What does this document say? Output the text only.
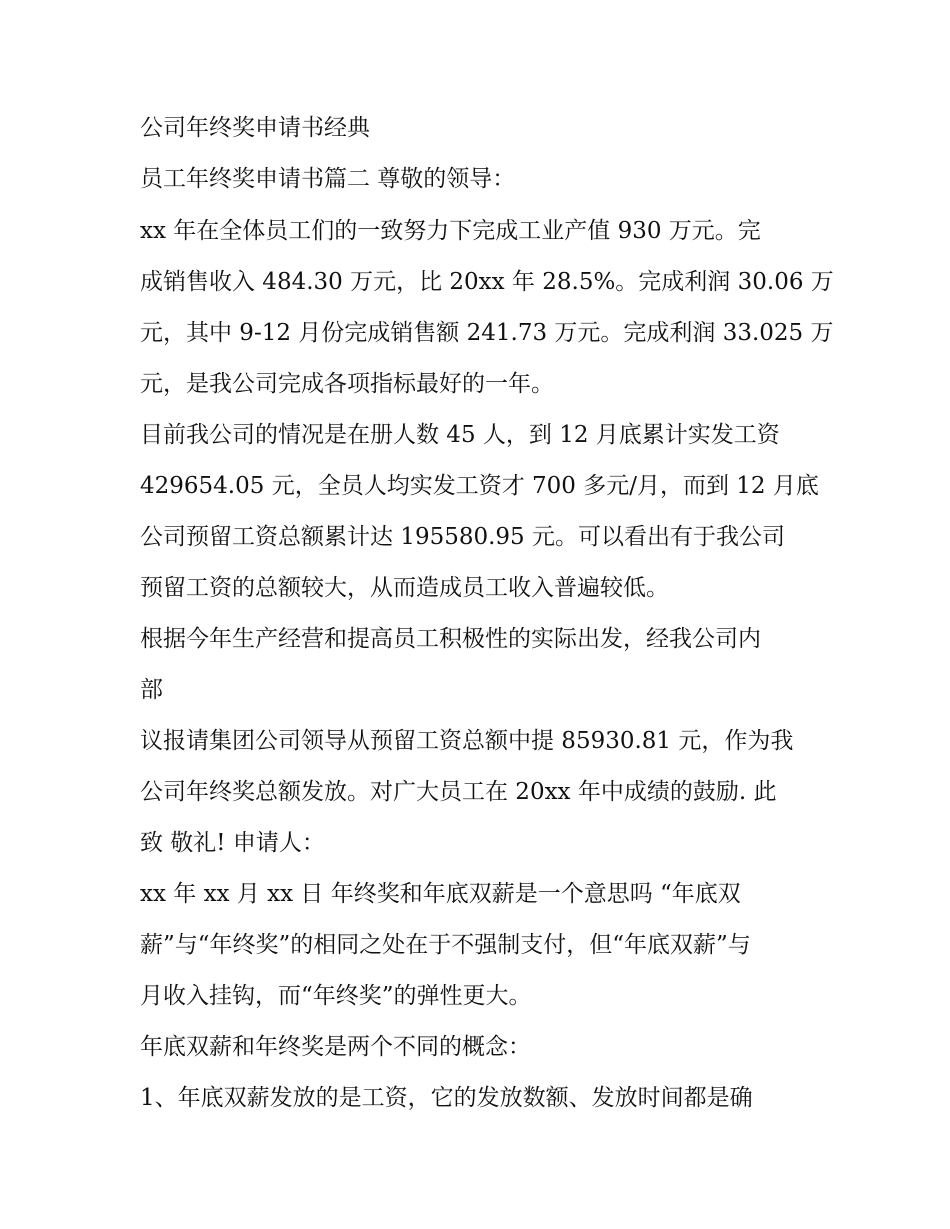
公司年终奖申请书经典
员工年终奖申请书篇二 尊敬的领导：
xx 年在全体员工们的一致努力下完成工业产值 930 万元。完
成销售收入 484.30 万元，比 20xx 年 28.5%。完成利润 30.06 万
元，其中 9-12 月份完成销售额 241.73 万元。完成利润 33.025 万
元，是我公司完成各项指标最好的一年。
目前我公司的情况是在册人数 45 人，到 12 月底累计实发工资
429654.05 元，全员人均实发工资才 700 多元/月，而到 12 月底
公司预留工资总额累计达 195580.95 元。可以看出有于我公司
预留工资的总额较大，从而造成员工收入普遍较低。
根据今年生产经营和提高员工积极性的实际出发，经我公司内
部
议报请集团公司领导从预留工资总额中提 85930.81 元，作为我
公司年终奖总额发放。对广大员工在 20xx 年中成绩的鼓励. 此
致 敬礼! 申请人：
xx 年 xx 月 xx 日 年终奖和年底双薪是一个意思吗 “年底双
薪”与“年终奖”的相同之处在于不强制支付，但“年底双薪”与
月收入挂钩，而“年终奖”的弹性更大。
年底双薪和年终奖是两个不同的概念：
1、年底双薪发放的是工资，它的发放数额、发放时间都是确
